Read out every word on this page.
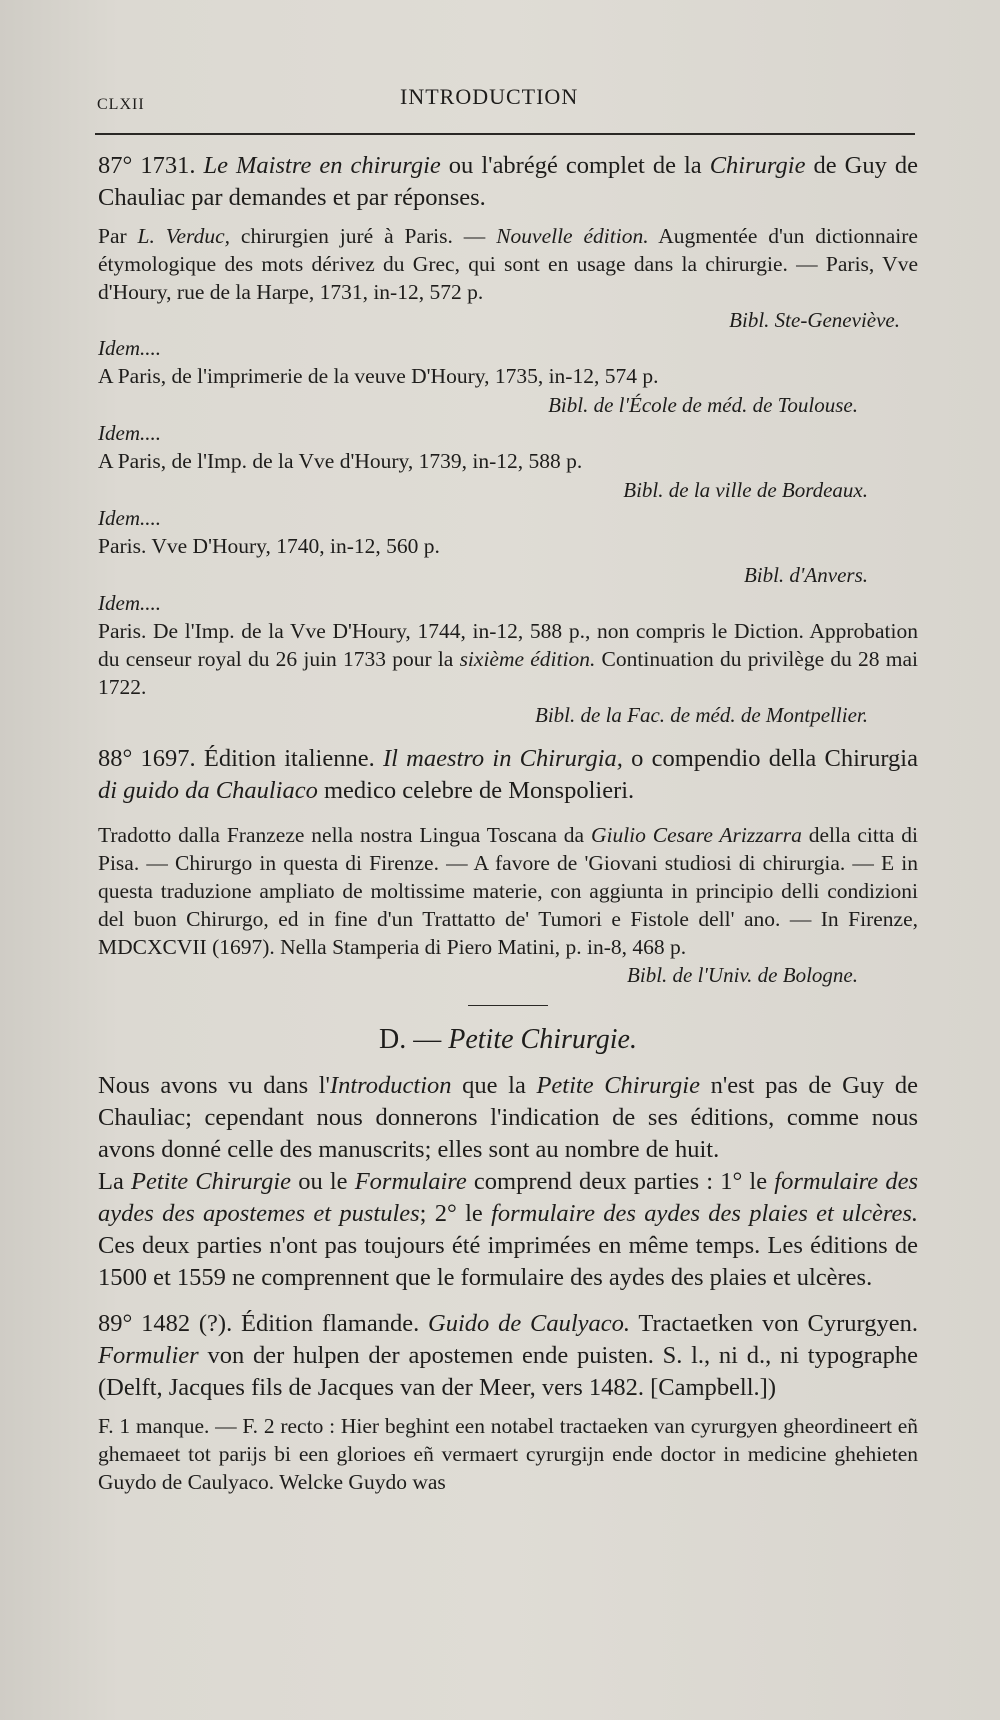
CLXII	INTRODUCTION

87° 1731. Le Maistre en chirurgie ou l'abrégé complet de la Chirurgie de Guy de Chauliac par demandes et par réponses.

Par L. Verduc, chirurgien juré à Paris. — Nouvelle édition. Augmentée d'un dictionnaire étymologique des mots dérivez du Grec, qui sont en usage dans la chirurgie. — Paris, Vve d'Houry, rue de la Harpe, 1731, in-12, 572 p.

Bibl. Ste-Geneviève.

Idem....

A Paris, de l'imprimerie de la veuve D'Houry, 1735, in-12, 574 p.

Bibl. de l'École de méd. de Toulouse.

Idem....

A Paris, de l'Imp. de la Vve d'Houry, 1739, in-12, 588 p.

Bibl. de la ville de Bordeaux.

Idem....

Paris. Vve D'Houry, 1740, in-12, 560 p.

Bibl. d'Anvers.

Idem....

Paris. De l'Imp. de la Vve D'Houry, 1744, in-12, 588 p., non compris le Diction. Approbation du censeur royal du 26 juin 1733 pour la sixième édition. Continuation du privilège du 28 mai 1722.

Bibl. de la Fac. de méd. de Montpellier.

88° 1697. Édition italienne. Il maestro in Chirurgia, o compendio della Chirurgia di guido da Chauliaco medico celebre de Monspolieri.

Tradotto dalla Franzeze nella nostra Lingua Toscana da Giulio Cesare Arizzarra della citta di Pisa. — Chirurgo in questa di Firenze. — A favore de 'Giovani studiosi di chirurgia. — E in questa traduzione ampliato de moltissime materie, con aggiunta in principio delli condizioni del buon Chirurgo, ed in fine d'un Trattatto de' Tumori e Fistole dell' ano. — In Firenze, MDCXCVII (1697). Nella Stamperia di Piero Matini, p. in-8, 468 p.

Bibl. de l'Univ. de Bologne.

D. — Petite Chirurgie.

Nous avons vu dans l'Introduction que la Petite Chirurgie n'est pas de Guy de Chauliac; cependant nous donnerons l'indication de ses éditions, comme nous avons donné celle des manuscrits; elles sont au nombre de huit.

La Petite Chirurgie ou le Formulaire comprend deux parties : 1° le formulaire des aydes des apostemes et pustules; 2° le formulaire des aydes des plaies et ulcères. Ces deux parties n'ont pas toujours été imprimées en même temps. Les éditions de 1500 et 1559 ne comprennent que le formulaire des aydes des plaies et ulcères.

89° 1482 (?). Édition flamande. Guido de Caulyaco. Tractaetken von Cyrurgyen. Formulier von der hulpen der apostemen ende puisten. S. l., ni d., ni typographe (Delft, Jacques fils de Jacques van der Meer, vers 1482. [Campbell.])

F. 1 manque. — F. 2 recto : Hier beghint een notabel tractaeken van cyrurgyen gheordineert eñ ghemaeet tot parijs bi een glorioes eñ vermaert cyrurgijn ende doctor in medicine ghehieten Guydo de Caulyaco. Welcke Guydo was
